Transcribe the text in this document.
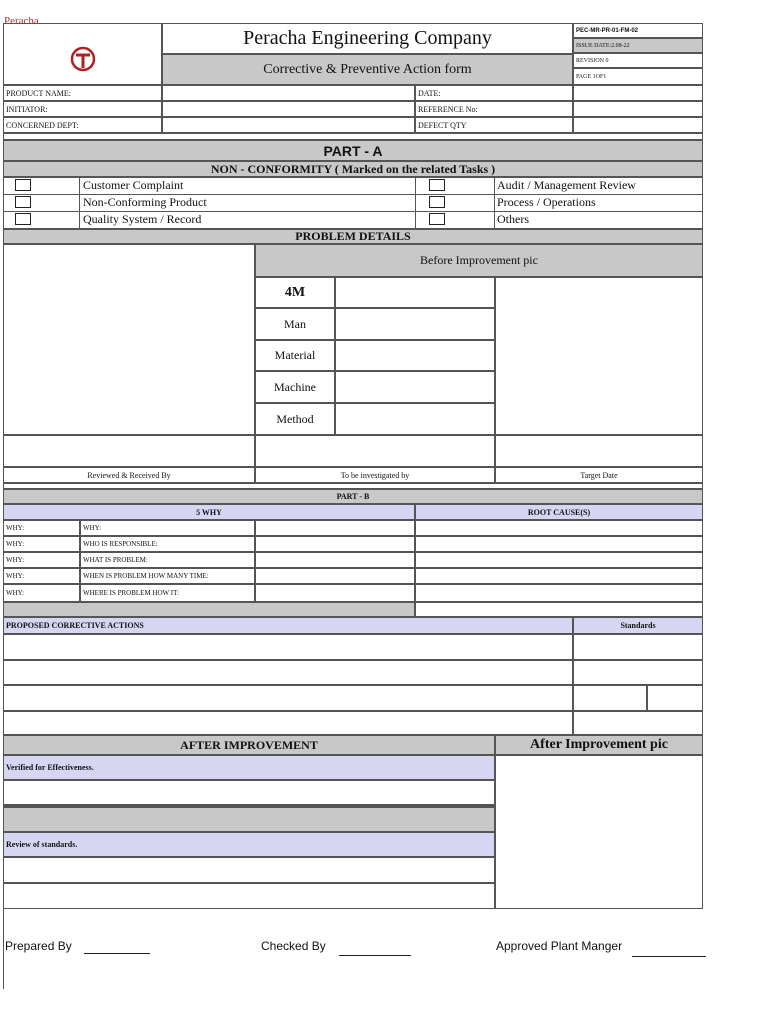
Peracha
Peracha Engineering Company
Corrective & Preventive Action form
PEC-MR-PR-01-FM-02
ISSUE DATE:2.08-22
REVISION 0
PAGE 1OF1
PRODUCT NAME:	DATE:
INITIATOR:	REFERENCE No:
CONCERNED DEPT:	DEFECT QTY
PART - A
NON - CONFORMITY ( Marked on the related Tasks )
Customer Complaint
Non-Conforming Product
Quality System / Record
Audit / Management Review
Process / Operations
Others
PROBLEM DETAILS
Before Improvement pic
4M
Man
Material
Machine
Method
Reviewed & Received By	To be investigated by	Target Date
PART - B
5 WHY	ROOT CAUSE(S)
WHY:	WHY:
WHY:	WHO IS RESPONSIBLE:
WHY:	WHAT IS PROBLEM:
WHY:	WHEN IS PROBLEM HOW MANY TIME:
WHY:	WHERE IS PROBLEM HOW IT:
PROPOSED CORRECTIVE ACTIONS	Standards
AFTER IMPROVEMENT	After Improvement pic
Verified for Effectiveness.
Review of standards.
Prepared By	Checked By	Approved Plant Manger
